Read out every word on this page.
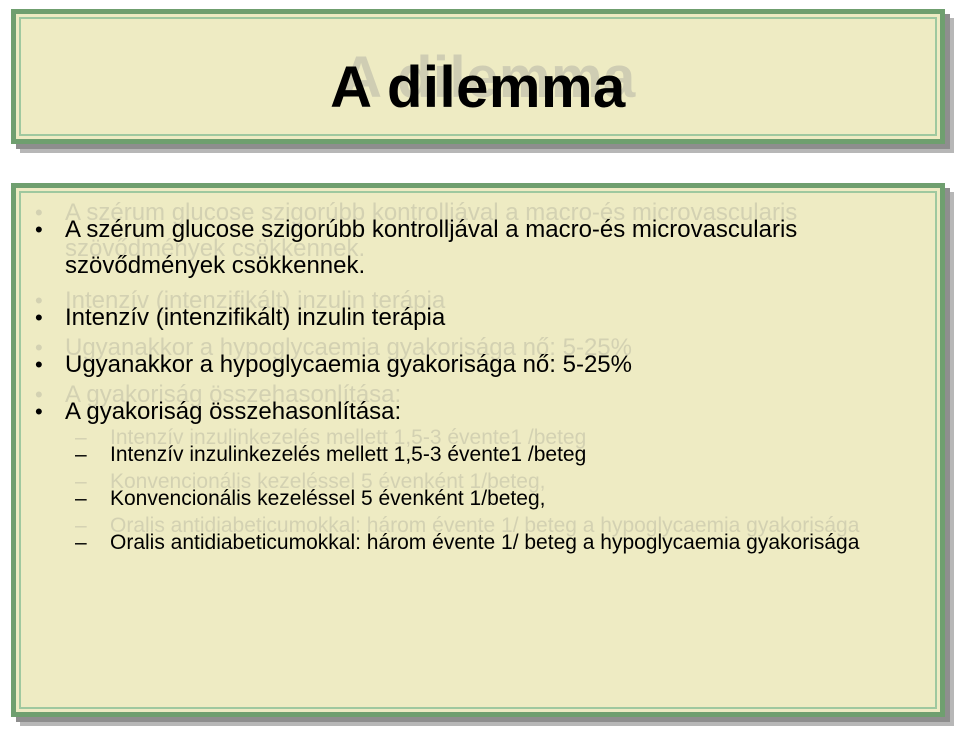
A dilemma
• A szérum glucose szigorúbb kontrolljával a macro-és microvascularis szövődmények csökkennek.
• Intenzív (intenzifikált) inzulin terápia
• Ugyanakkor a hypoglycaemia gyakorisága nő: 5-25%
• A gyakoriság összehasonlítása:
– Intenzív inzulinkezelés mellett 1,5-3 évente1 /beteg
– Konvencionális kezeléssel 5 évenként 1/beteg,
– Oralis antidiabeticumokkal: három évente 1/ beteg a hypoglycaemia gyakorisága
